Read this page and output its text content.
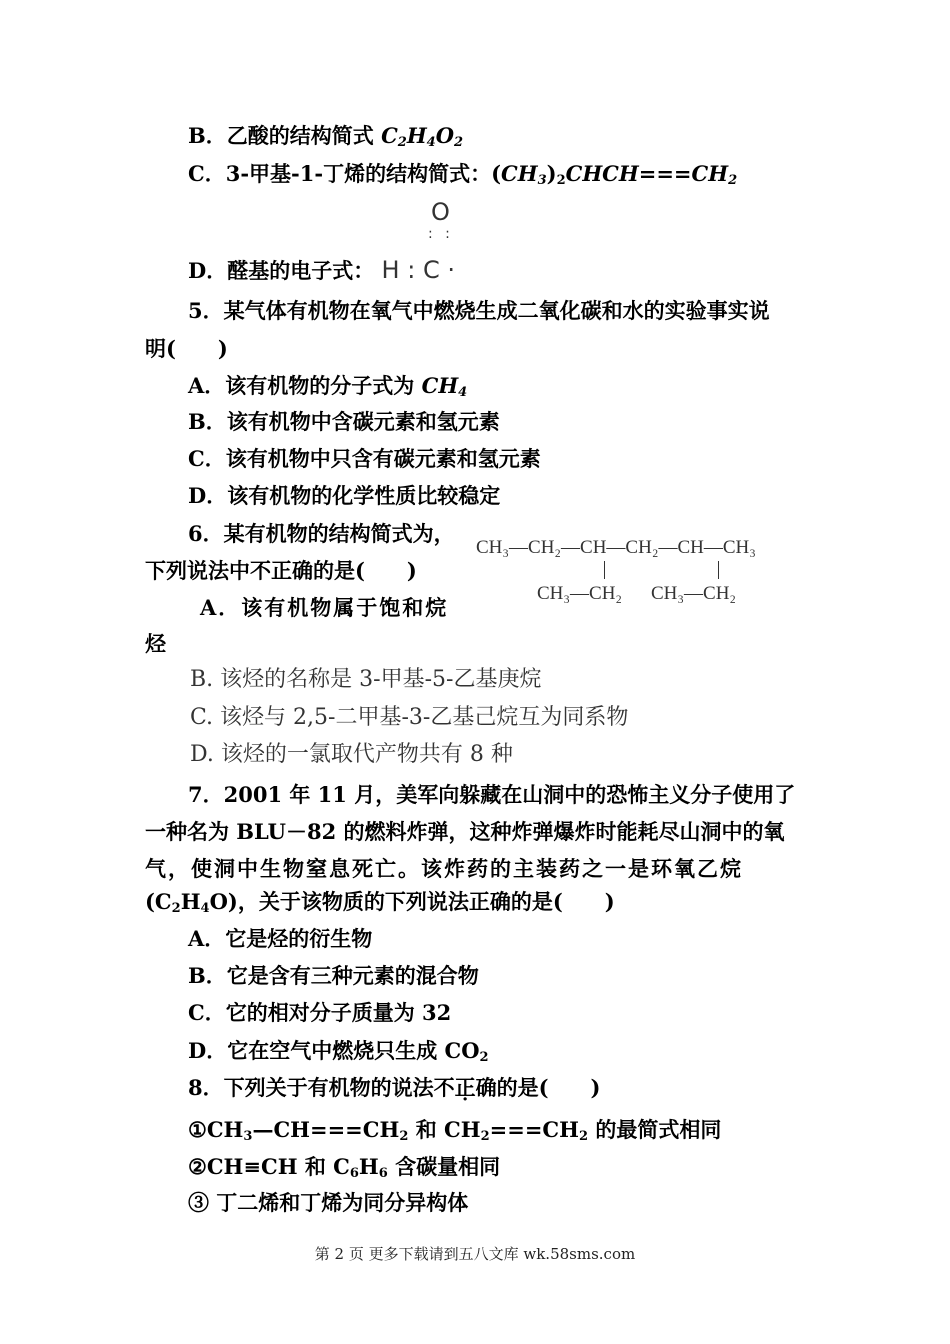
B．乙酸的结构简式 $C_2H_4O_2$
C．3-甲基-1-丁烯的结构简式：$(CH_3)_2CHCH===CH_2$
O
: :
D．醛基的电子式： H : C ·
5．某气体有机物在氧气中燃烧生成二氧化碳和水的实验事实说
明(　　)
A．该有机物的分子式为 $CH_4$
B．该有机物中含碳元素和氢元素
C．该有机物中只含有碳元素和氢元素
D．该有机物的化学性质比较稳定
6．某有机物的结构简式为，
下列说法中不正确的是(　　)
CH₃—CH₂—CH—CH₂—CH—CH₃
CH₃—CH₂ CH₃—CH₂
A．该有机物属于饱和烷
烃
B. 该烃的名称是 3-甲基-5-乙基庚烷
C. 该烃与 2,5-二甲基-3-乙基己烷互为同系物
D. 该烃的一氯取代产物共有 8 种
7．2001 年 11 月，美军向躲藏在山洞中的恐怖主义分子使用了
一种名为 BLU－82 的燃料炸弹，这种炸弹爆炸时能耗尽山洞中的氧
气，使洞中生物窒息死亡。该炸药的主装药之一是环氧乙烷
$(C_2H_4O)$，关于该物质的下列说法正确的是(　　)
A．它是烃的衍生物
B．它是含有三种元素的混合物
C．它的相对分子质量为 32
D．它在空气中燃烧只生成 $CO_2$
8．下列关于有机物的说法不正确的是(　　)
$①CH_3—CH===CH_2$ 和 $CH_2===CH_2$ 的最简式相同
②CH≡CH 和 $C_6H_6$ 含碳量相同
③ 丁二烯和丁烯为同分异构体
第 2 页 更多下载请到五八文库 wk.58sms.com
